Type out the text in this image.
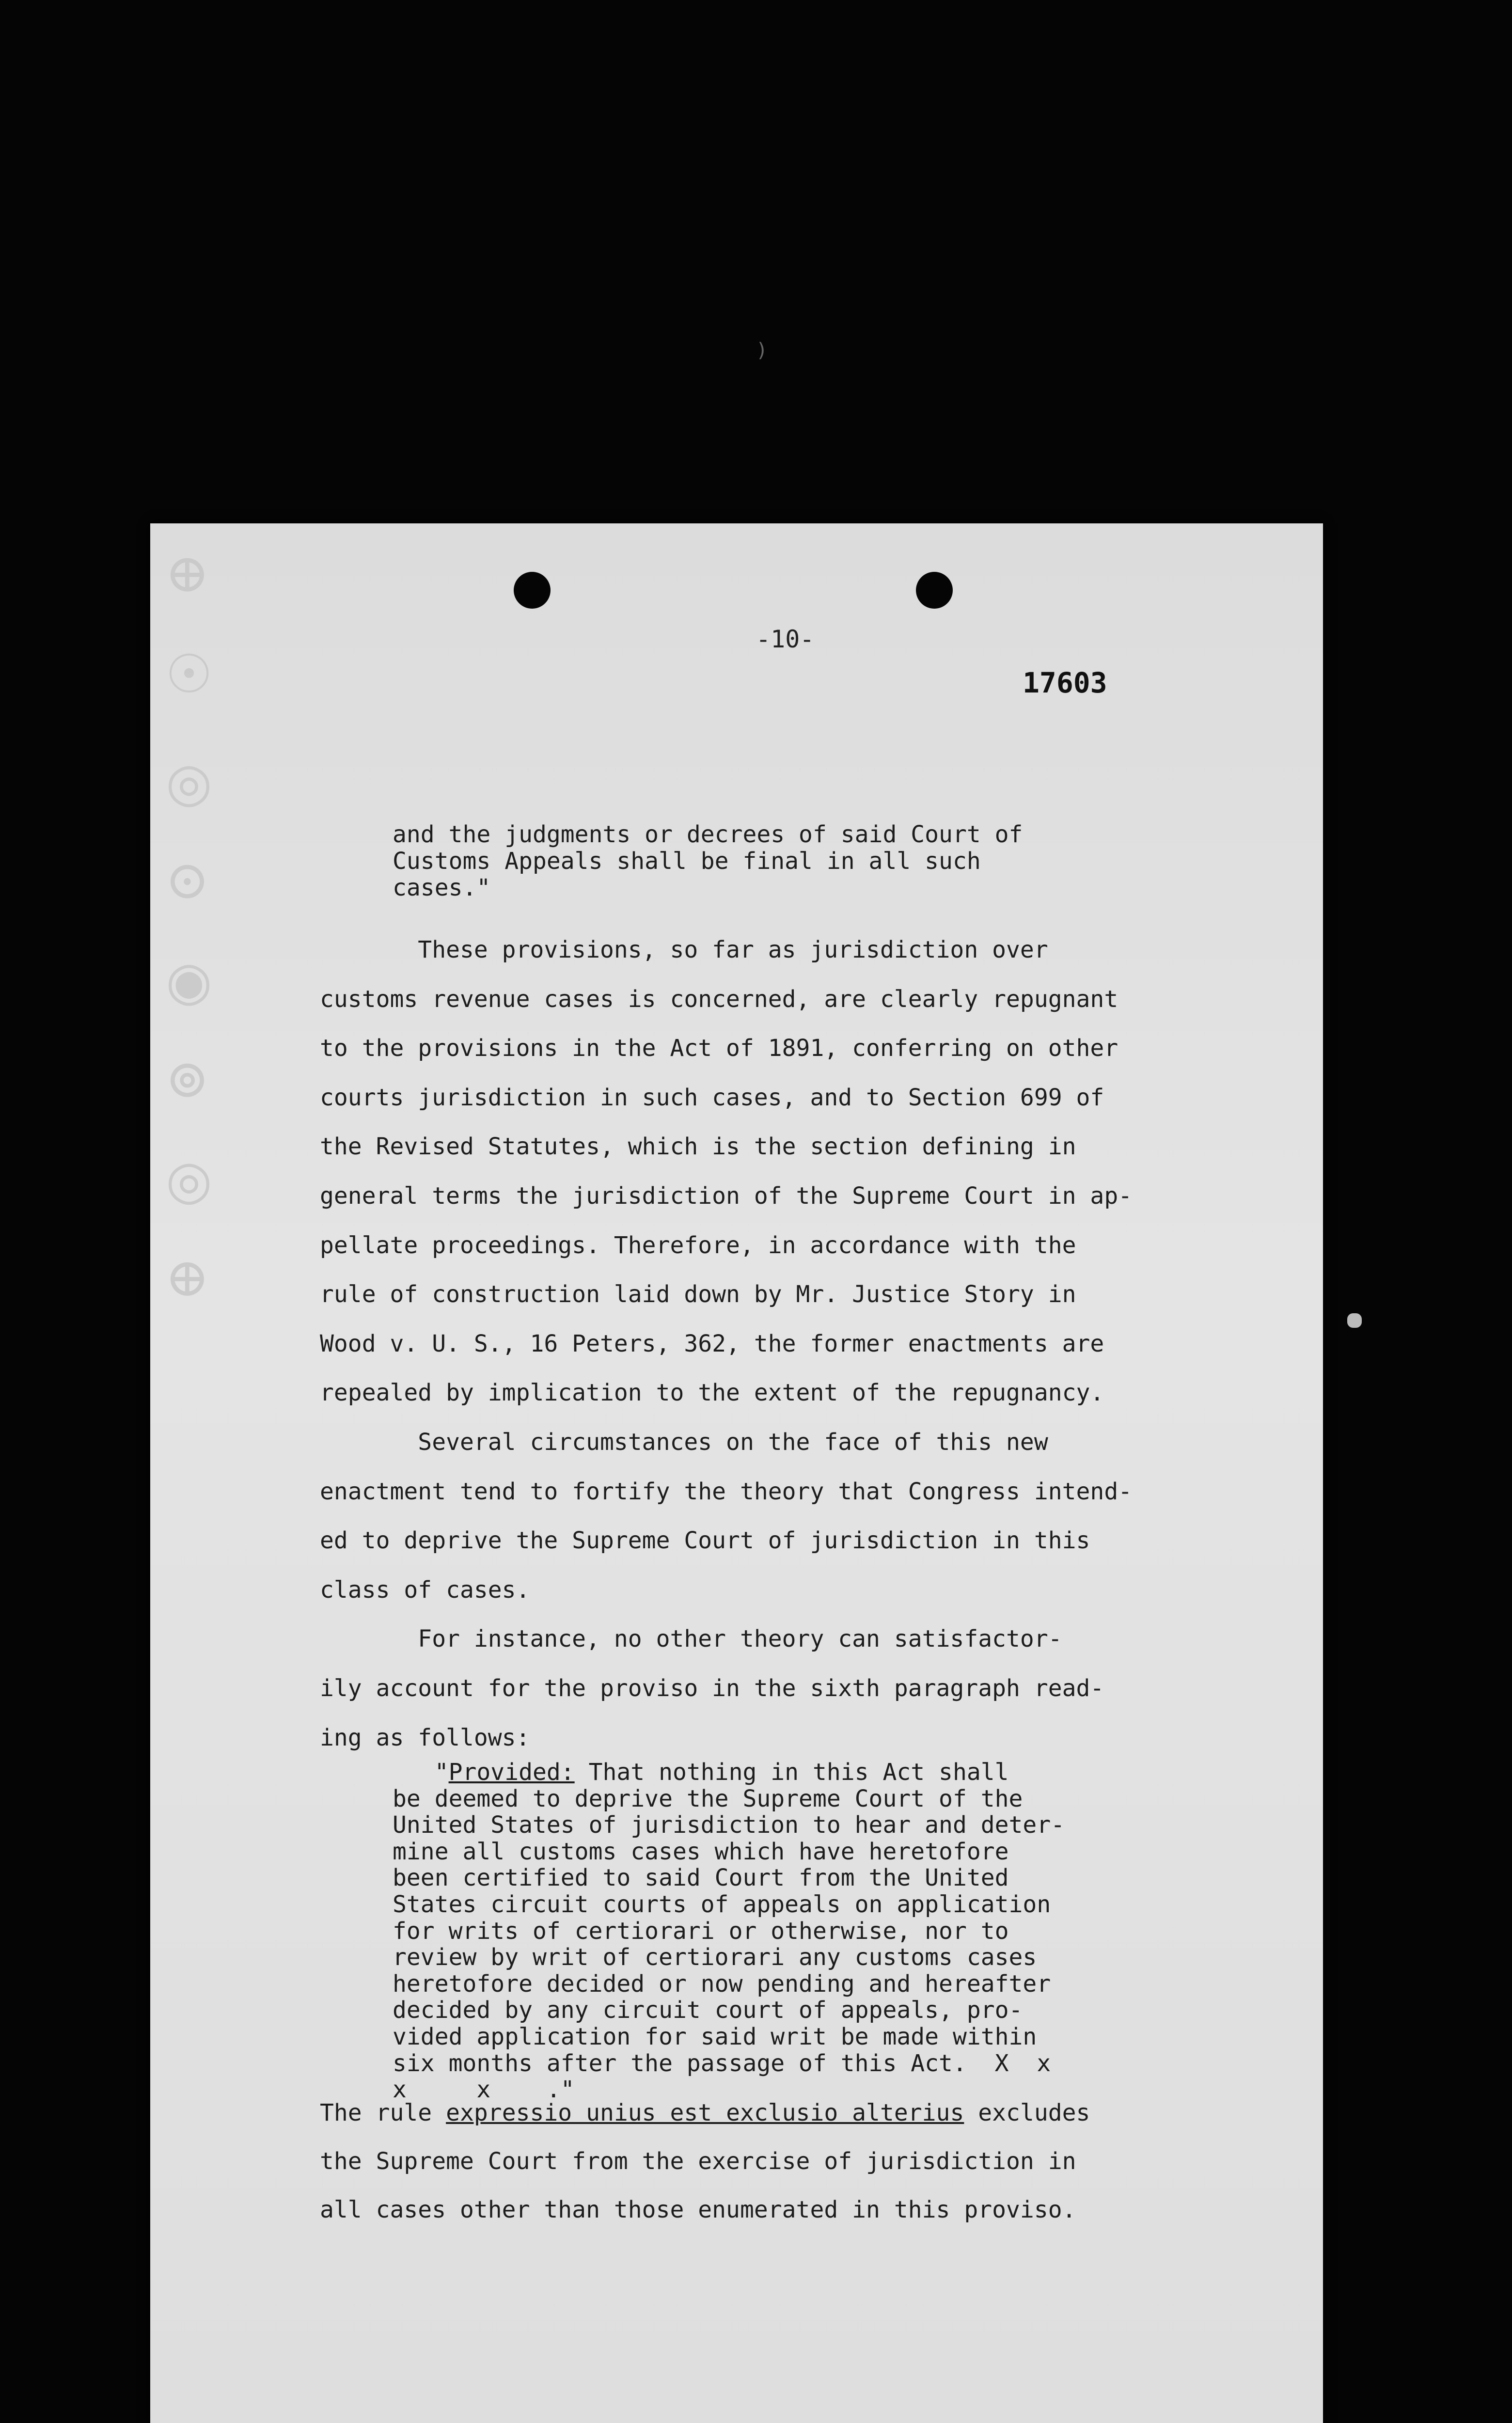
)
⊕ ☉ ◎ ⊙ ◉ ⊚ ◎ ⊕	-10-
17603
and the judgments or decrees of said Court of
Customs Appeals shall be final in all such
cases."
These provisions, so far as jurisdiction over
customs revenue cases is concerned, are clearly repugnant
to the provisions in the Act of 1891, conferring on other
courts jurisdiction in such cases, and to Section 699 of
the Revised Statutes, which is the section defining in
general terms the jurisdiction of the Supreme Court in ap-
pellate proceedings. Therefore, in accordance with the
rule of construction laid down by Mr. Justice Story in
Wood v. U. S., 16 Peters, 362, the former enactments are
repealed by implication to the extent of the repugnancy.
Several circumstances on the face of this new
enactment tend to fortify the theory that Congress intend-
ed to deprive the Supreme Court of jurisdiction in this
class of cases.
For instance, no other theory can satisfactor-
ily account for the proviso in the sixth paragraph read-
ing as follows:
"Provided: That nothing in this Act shall
be deemed to deprive the Supreme Court of the
United States of jurisdiction to hear and deter-
mine all customs cases which have heretofore
been certified to said Court from the United
States circuit courts of appeals on application
for writs of certiorari or otherwise, nor to
review by writ of certiorari any customs cases
heretofore decided or now pending and hereafter
decided by any circuit court of appeals, pro-
vided application for said writ be made within
six months after the passage of this Act.  X  x
x     x    ."
The rule expressio unius est exclusio alterius excludes
the Supreme Court from the exercise of jurisdiction in
all cases other than those enumerated in this proviso.
